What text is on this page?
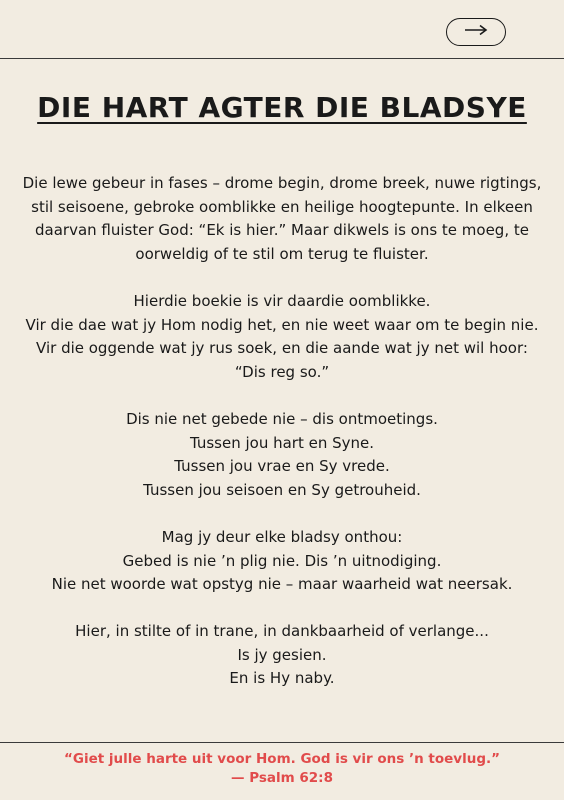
DIE HART AGTER DIE BLADSYE

Die lewe gebeur in fases – drome begin, drome breek, nuwe rigtings, stil seisoene, gebroke oomblikke en heilige hoogtepunte. In elkeen daarvan fluister God: “Ek is hier.” Maar dikwels is ons te moeg, te oorweldig of te stil om terug te fluister.

Hierdie boekie is vir daardie oomblikke.
Vir die dae wat jy Hom nodig het, en nie weet waar om te begin nie.
Vir die oggende wat jy rus soek, en die aande wat jy net wil hoor:
“Dis reg so.”

Dis nie net gebede nie – dis ontmoetings.
Tussen jou hart en Syne.
Tussen jou vrae en Sy vrede.
Tussen jou seisoen en Sy getrouheid.

Mag jy deur elke bladsy onthou:
Gebed is nie ’n plig nie. Dis ’n uitnodiging.
Nie net woorde wat opstyg nie – maar waarheid wat neersak.

Hier, in stilte of in trane, in dankbaarheid of verlange...
Is jy gesien.
En is Hy naby.

“Giet julle harte uit voor Hom. God is vir ons ’n toevlug.”
— Psalm 62:8
